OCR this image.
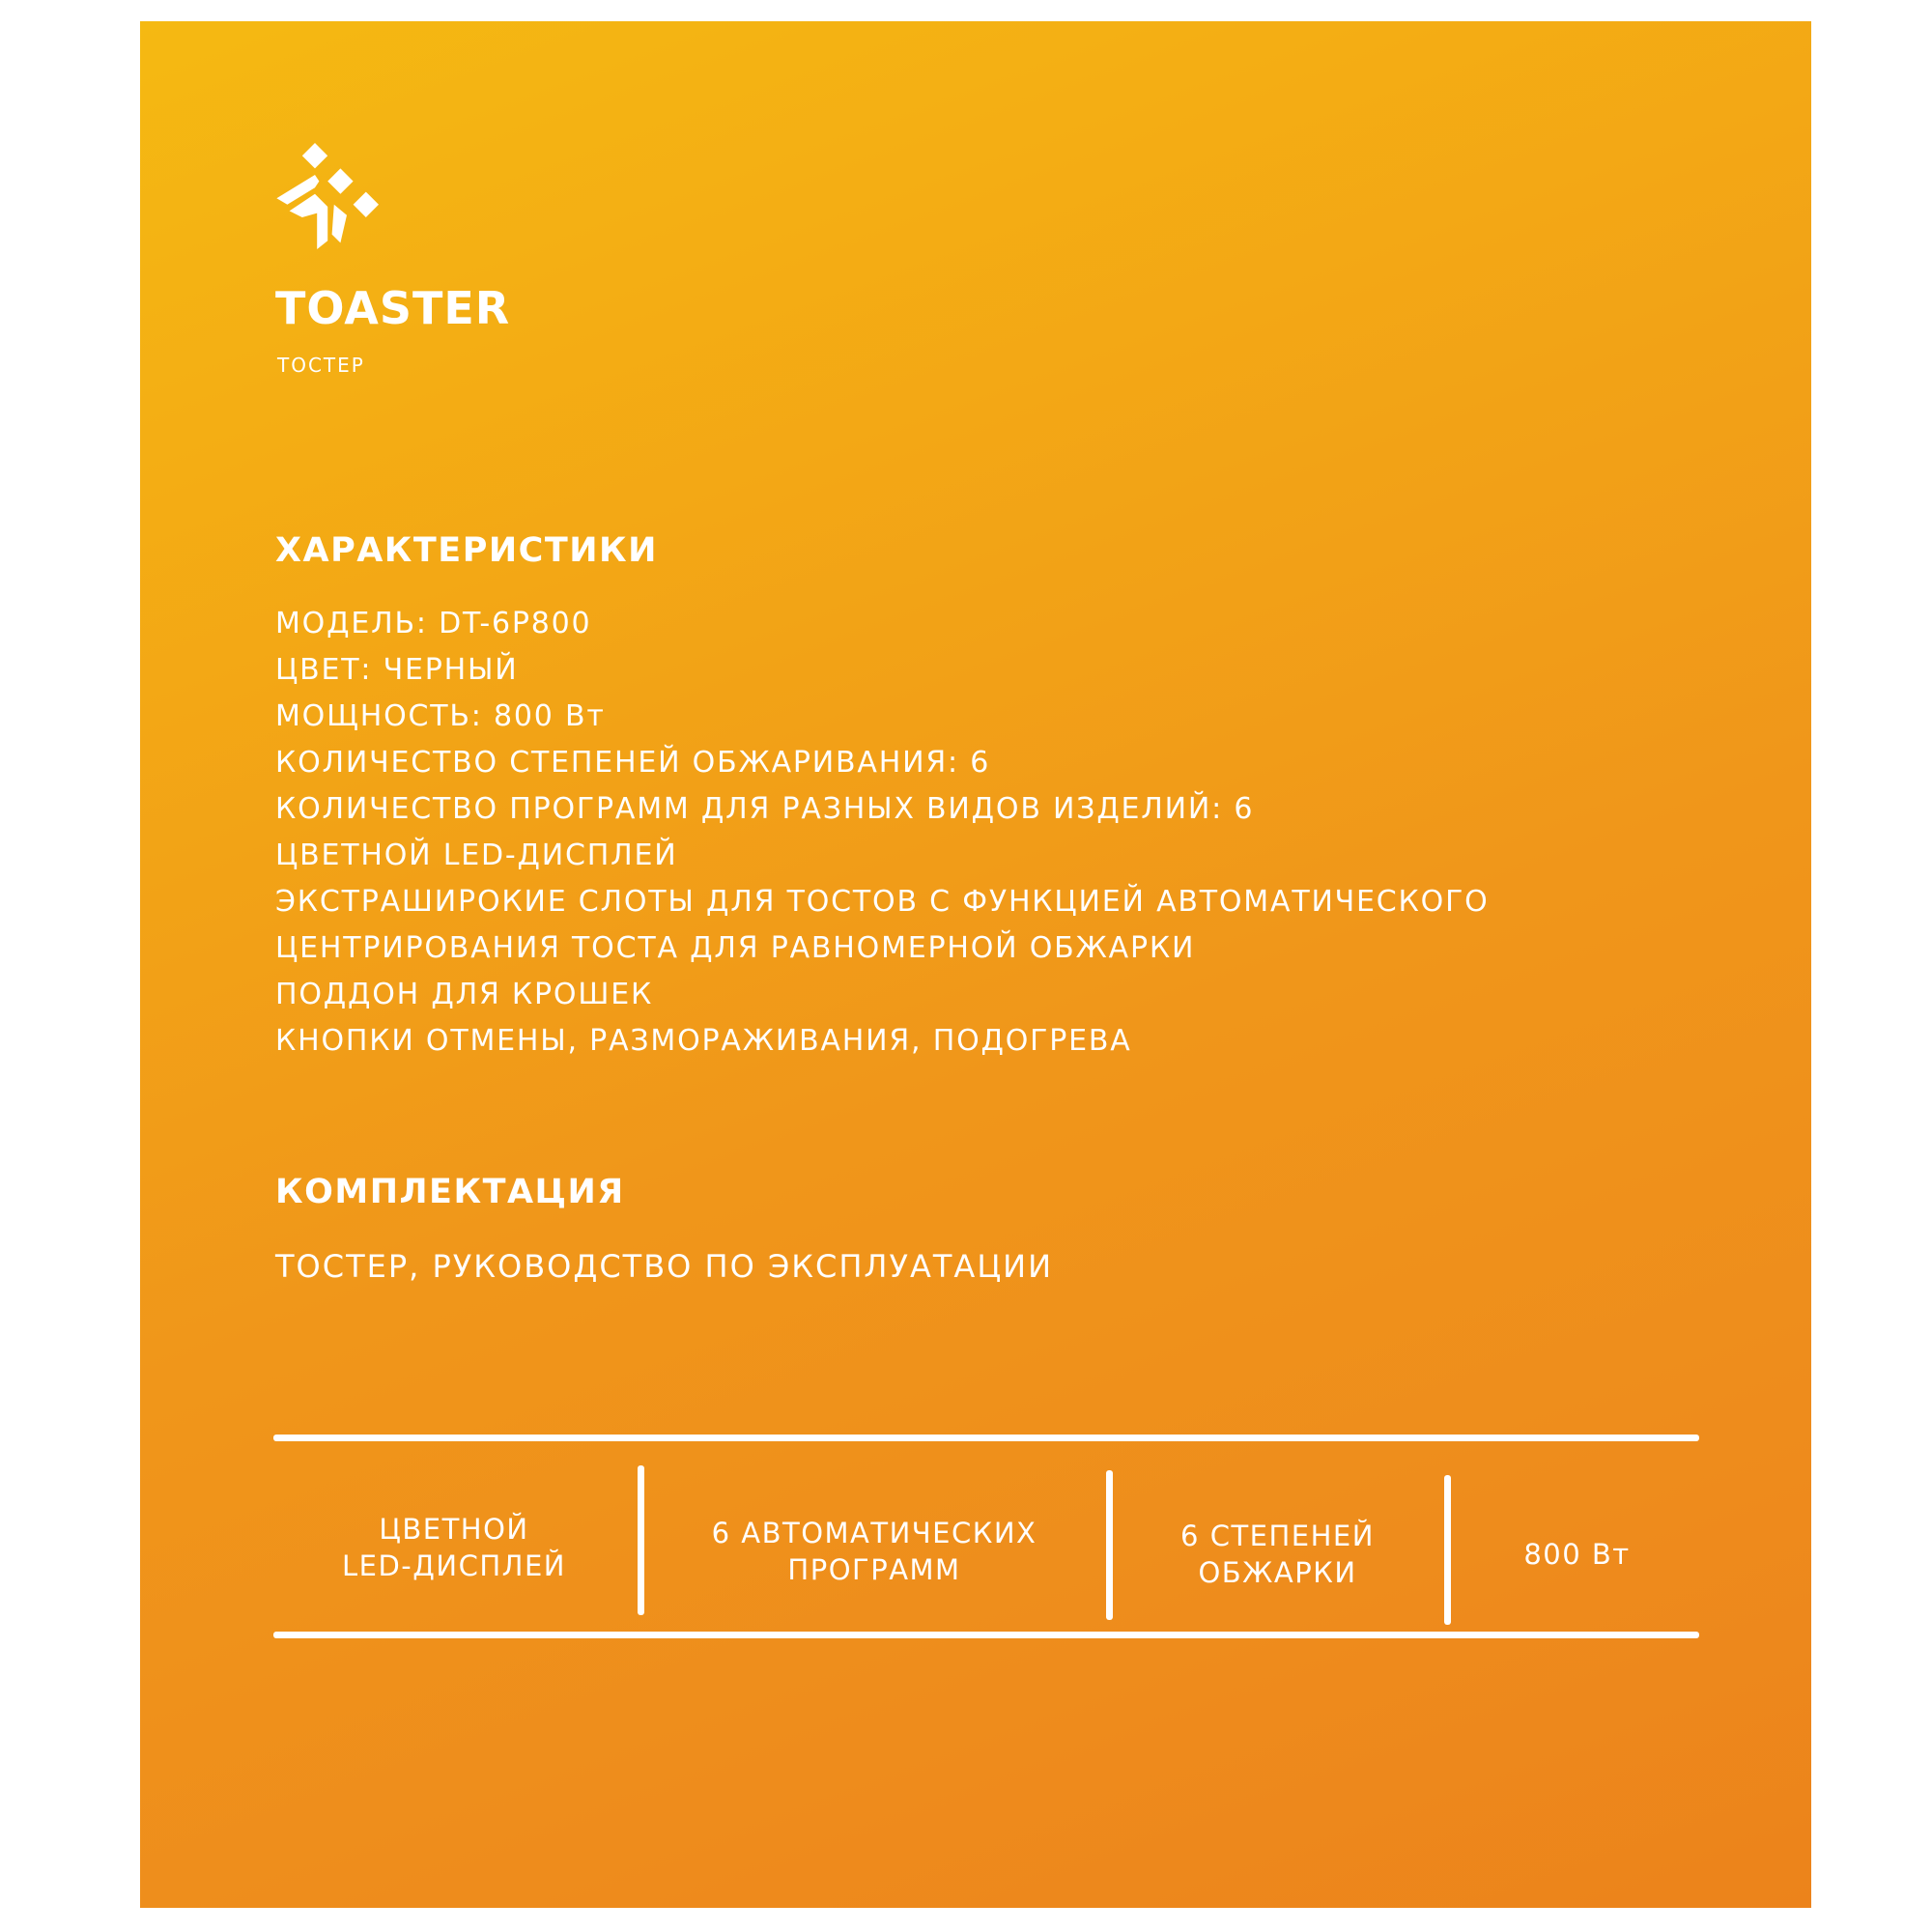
TOASTER
ТОСТЕР
ХАРАКТЕРИСТИКИ
МОДЕЛЬ: DT-6P800
ЦВЕТ: ЧЕРНЫЙ
МОЩНОСТЬ: 800 Вт
КОЛИЧЕСТВО СТЕПЕНЕЙ ОБЖАРИВАНИЯ: 6
КОЛИЧЕСТВО ПРОГРАММ ДЛЯ РАЗНЫХ ВИДОВ ИЗДЕЛИЙ: 6
ЦВЕТНОЙ LED-ДИСПЛЕЙ
ЭКСТРАШИРОКИЕ СЛОТЫ ДЛЯ ТОСТОВ С ФУНКЦИЕЙ АВТОМАТИЧЕСКОГО
ЦЕНТРИРОВАНИЯ ТОСТА ДЛЯ РАВНОМЕРНОЙ ОБЖАРКИ
ПОДДОН ДЛЯ КРОШЕК
КНОПКИ ОТМЕНЫ, РАЗМОРАЖИВАНИЯ, ПОДОГРЕВА
КОМПЛЕКТАЦИЯ
ТОСТЕР, РУКОВОДСТВО ПО ЭКСПЛУАТАЦИИ
ЦВЕТНОЙ
LED-ДИСПЛЕЙ
6 АВТОМАТИЧЕСКИХ
ПРОГРАММ
6 СТЕПЕНЕЙ
ОБЖАРКИ
800 Вт
